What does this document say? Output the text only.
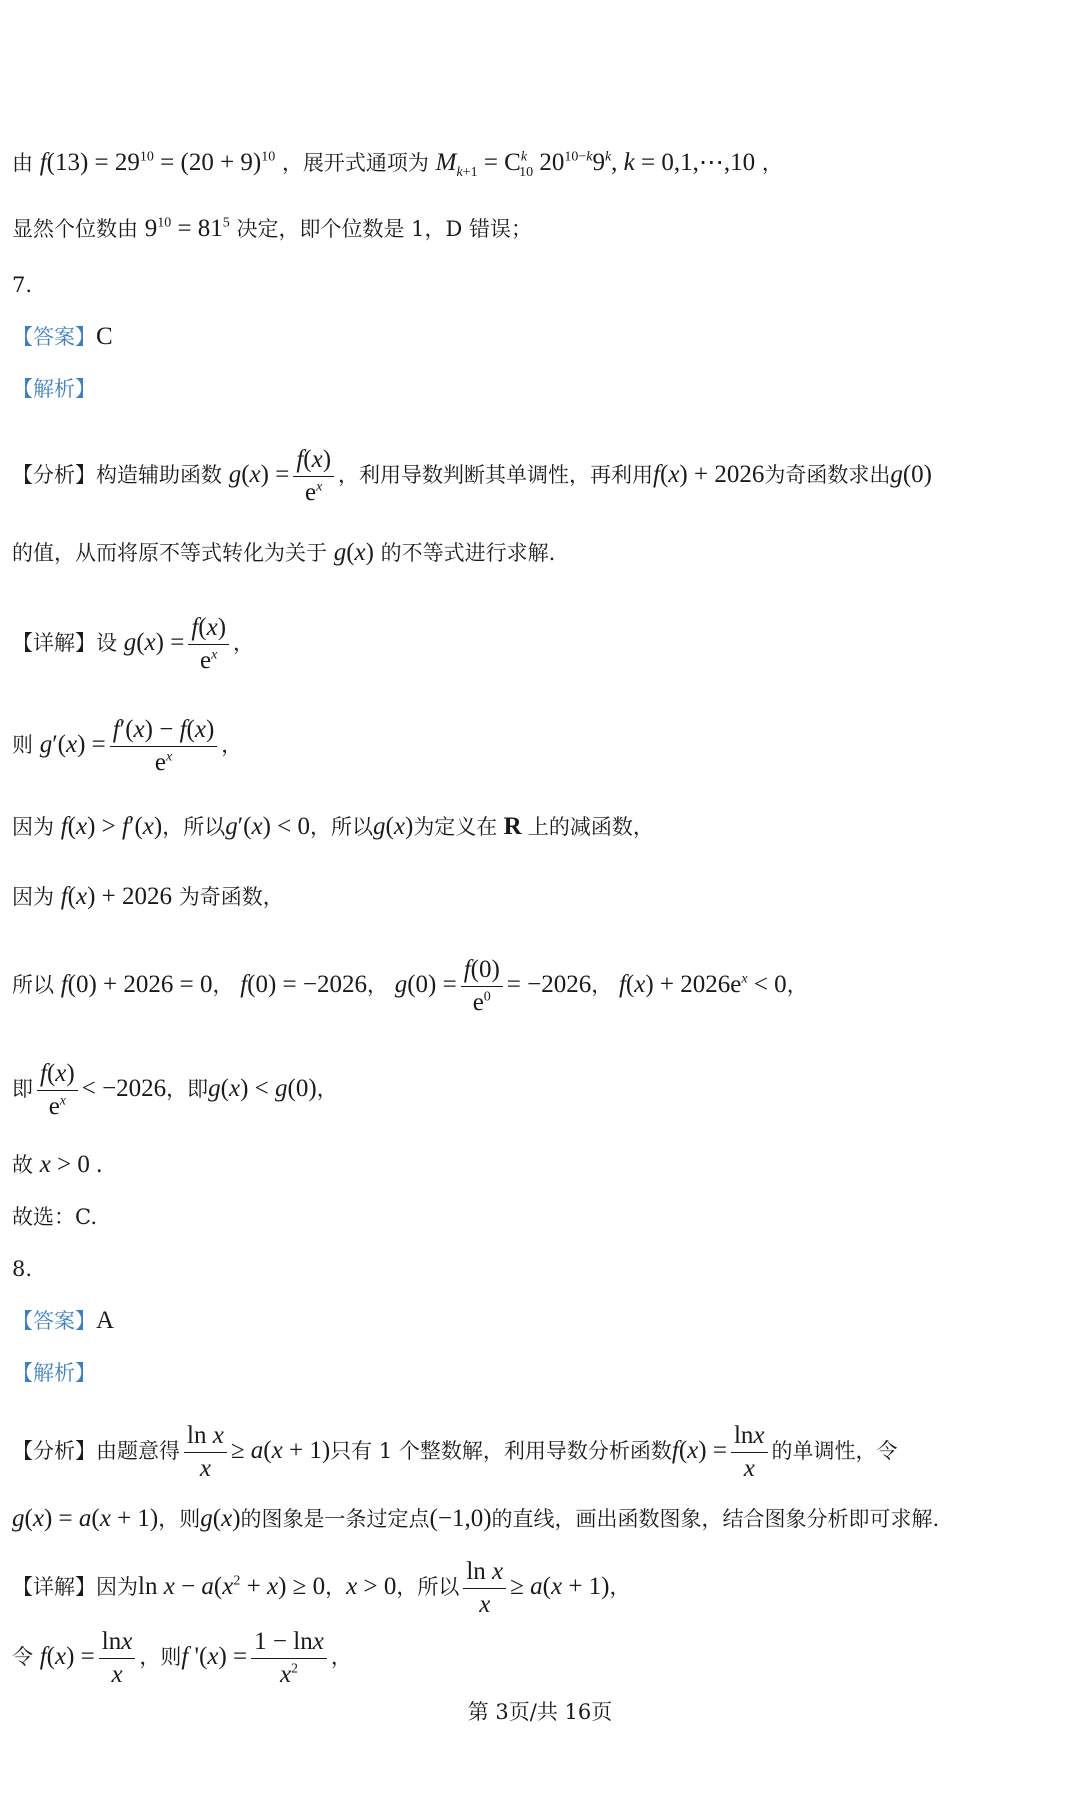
由 $f(13) = 29^{10} = (20 + 9)^{10}$ ，展开式通项为 $M_{k+1} = C^k_{10}$ $20^{10-k}9^k$, k = 0,1,⋯,10 ，
显然个位数由 $9^{10} = 81^5$ 决定，即个位数是 1，D 错误；
7.
【答案】C
【解析】
【分析】构造辅助函数 $g(x) = \frac{f(x)}{e^x}$ ，利用导数判断其单调性，再利用f(x) + 2026为奇函数求出g(0)
的值，从而将原不等式转化为关于 g(x) 的不等式进行求解.
【详解】设 $g(x) = \frac{f(x)}{e^x}$ ，
则 $g'(x) = \frac{f'(x) - f(x)}{e^x}$ ，
因为 f(x) > f′(x)，所以g′(x) < 0，所以g(x)为定义在 R 上的减函数，
因为 f(x) + 2026 为奇函数，
所以 f(0) + 2026 = 0， f(0) = −2026， $g(0) = \frac{f(0)}{e^0} = -2026$， $f(x) + 2026e^x < 0$，
即 $\frac{f(x)}{e^x} < -2026$，即g(x) < g(0)，
故 x > 0 .
故选：C.
8.
【答案】A
【解析】
【分析】由题意得 $\frac{\text{ln x}}{x} \ge a(x + 1)$只有 1 个整数解，利用导数分析函数$f(x) = \frac{\ln x}{x}$ 的单调性，令
g(x) = a(x + 1)，则g(x)的图象是一条过定点(−1,0)的直线，画出函数图象，结合图象分析即可求解.
【详解】因为$\ln x - a(x^2 + x) \ge 0$，x > 0，所以 $\frac{\text{ln x}}{x} \ge a(x + 1)$，
令 $f(x) = \frac{\ln x}{x}$ ，则f '$(x) = \frac{1 - \ln x}{x^2}$ ，
第 3页/共 16页
